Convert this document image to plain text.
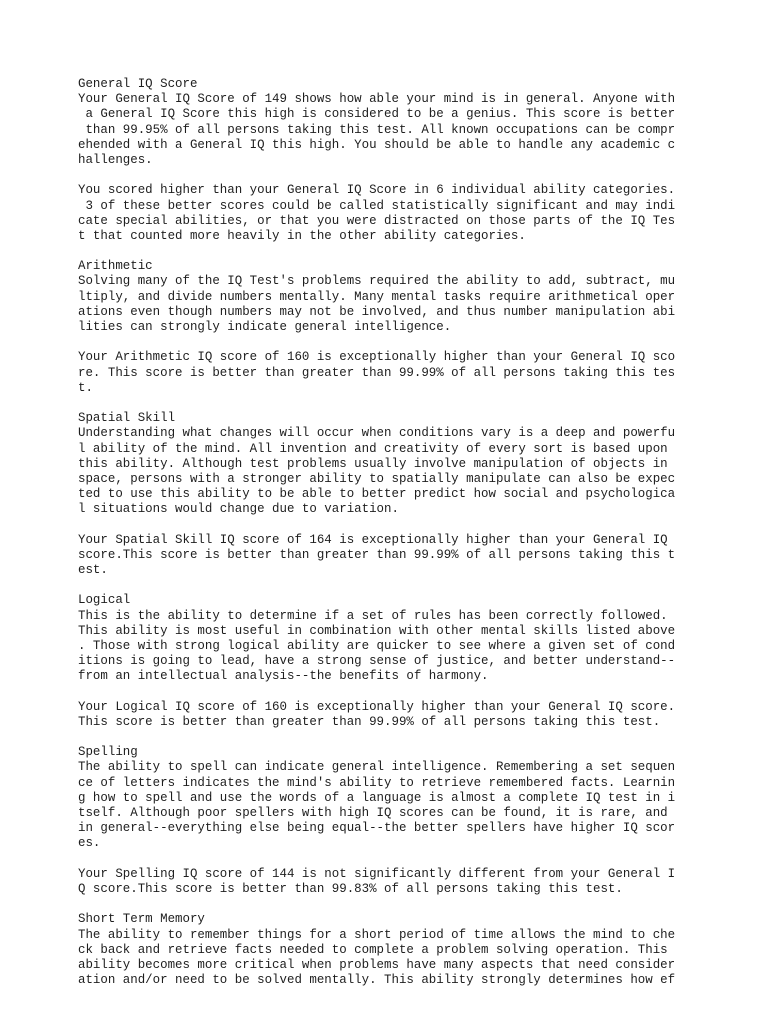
General IQ Score
Your General IQ Score of 149 shows how able your mind is in general. Anyone with
a General IQ Score this high is considered to be a genius. This score is better
than 99.95% of all persons taking this test. All known occupations can be compr
ehended with a General IQ this high. You should be able to handle any academic c
hallenges.
You scored higher than your General IQ Score in 6 individual ability categories.
3 of these better scores could be called statistically significant and may indi
cate special abilities, or that you were distracted on those parts of the IQ Tes
t that counted more heavily in the other ability categories.
Arithmetic
Solving many of the IQ Test's problems required the ability to add, subtract, mu
ltiply, and divide numbers mentally. Many mental tasks require arithmetical oper
ations even though numbers may not be involved, and thus number manipulation abi
lities can strongly indicate general intelligence.
Your Arithmetic IQ score of 160 is exceptionally higher than your General IQ sco
re. This score is better than greater than 99.99% of all persons taking this tes
t.
Spatial Skill
Understanding what changes will occur when conditions vary is a deep and powerfu
l ability of the mind. All invention and creativity of every sort is based upon
this ability. Although test problems usually involve manipulation of objects in
space, persons with a stronger ability to spatially manipulate can also be expec
ted to use this ability to be able to better predict how social and psychologica
l situations would change due to variation.
Your Spatial Skill IQ score of 164 is exceptionally higher than your General IQ
score.This score is better than greater than 99.99% of all persons taking this t
est.
Logical
This is the ability to determine if a set of rules has been correctly followed.
This ability is most useful in combination with other mental skills listed above
. Those with strong logical ability are quicker to see where a given set of cond
itions is going to lead, have a strong sense of justice, and better understand--
from an intellectual analysis--the benefits of harmony.
Your Logical IQ score of 160 is exceptionally higher than your General IQ score.
This score is better than greater than 99.99% of all persons taking this test.
Spelling
The ability to spell can indicate general intelligence. Remembering a set sequen
ce of letters indicates the mind's ability to retrieve remembered facts. Learnin
g how to spell and use the words of a language is almost a complete IQ test in i
tself. Although poor spellers with high IQ scores can be found, it is rare, and
in general--everything else being equal--the better spellers have higher IQ scor
es.
Your Spelling IQ score of 144 is not significantly different from your General I
Q score.This score is better than 99.83% of all persons taking this test.
Short Term Memory
The ability to remember things for a short period of time allows the mind to che
ck back and retrieve facts needed to complete a problem solving operation. This
ability becomes more critical when problems have many aspects that need consider
ation and/or need to be solved mentally. This ability strongly determines how ef
